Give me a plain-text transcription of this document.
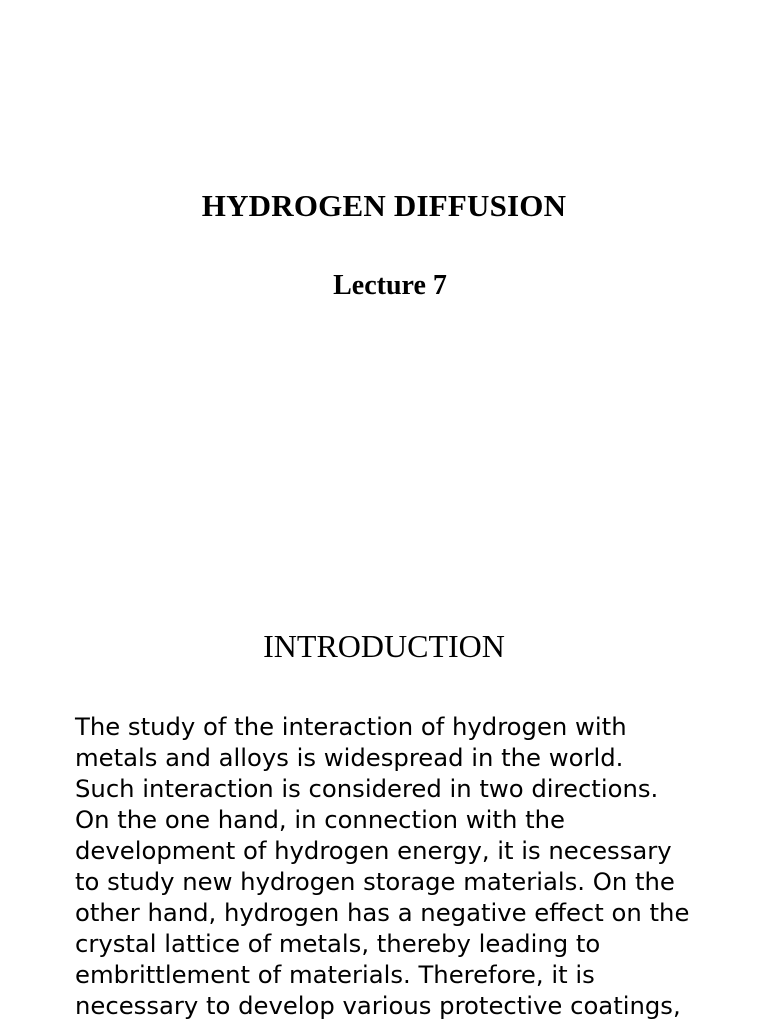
HYDROGEN DIFFUSION
Lecture 7
INTRODUCTION

The study of the interaction of hydrogen with
metals and alloys is widespread in the world.
Such interaction is considered in two directions.
On the one hand, in connection with the
development of hydrogen energy, it is necessary
to study new hydrogen storage materials. On the
other hand, hydrogen has a negative effect on the
crystal lattice of metals, thereby leading to
embrittlement of materials. Therefore, it is
necessary to develop various protective coatings,
